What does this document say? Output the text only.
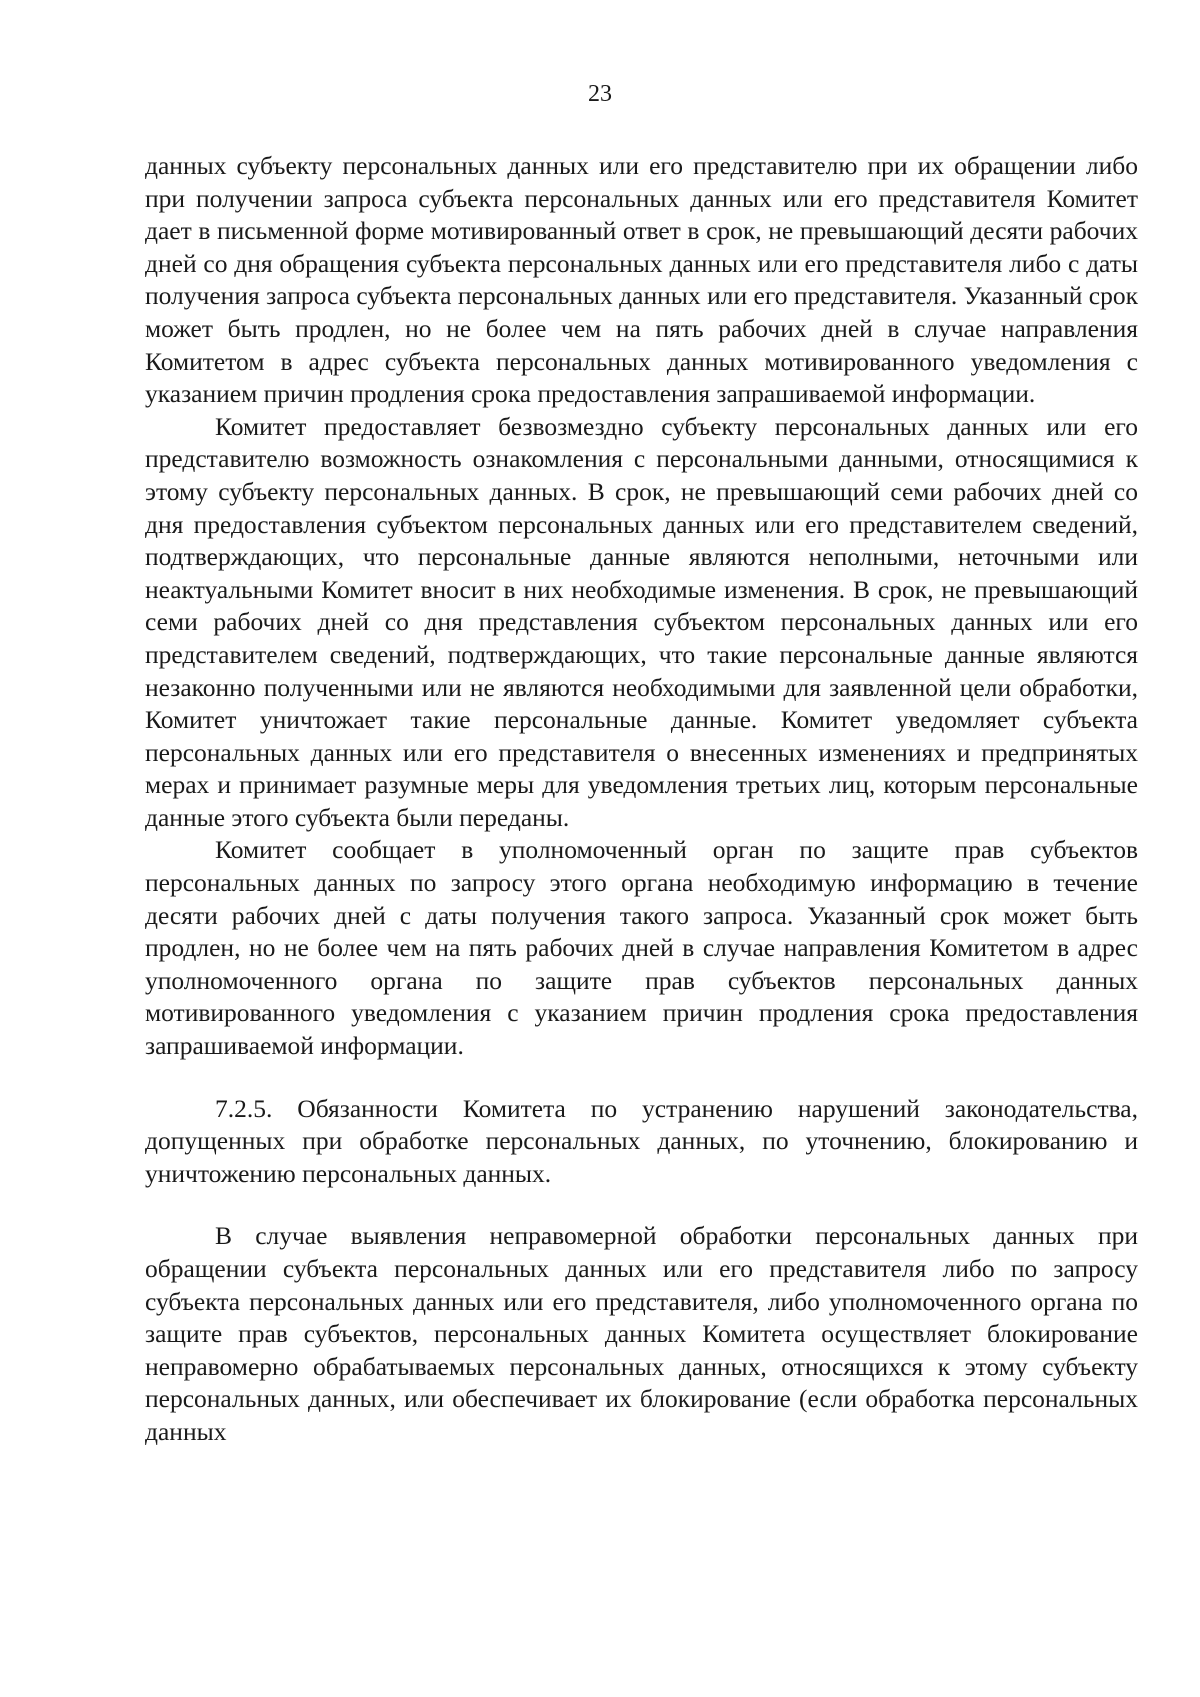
23

данных субъекту персональных данных или его представителю при их обращении либо при получении запроса субъекта персональных данных или его представителя Комитет дает в письменной форме мотивированный ответ в срок, не превышающий десяти рабочих дней со дня обращения субъекта персональных данных или его представителя либо с даты получения запроса субъекта персональных данных или его представителя. Указанный срок может быть продлен, но не более чем на пять рабочих дней в случае направления Комитетом в адрес субъекта персональных данных мотивированного уведомления с указанием причин продления срока предоставления запрашиваемой информации.

Комитет предоставляет безвозмездно субъекту персональных данных или его представителю возможность ознакомления с персональными данными, относящимися к этому субъекту персональных данных. В срок, не превышающий семи рабочих дней со дня предоставления субъектом персональных данных или его представителем сведений, подтверждающих, что персональные данные являются неполными, неточными или неактуальными Комитет вносит в них необходимые изменения. В срок, не превышающий семи рабочих дней со дня представления субъектом персональных данных или его представителем сведений, подтверждающих, что такие персональные данные являются незаконно полученными или не являются необходимыми для заявленной цели обработки, Комитет уничтожает такие персональные данные. Комитет уведомляет субъекта персональных данных или его представителя о внесенных изменениях и предпринятых мерах и принимает разумные меры для уведомления третьих лиц, которым персональные данные этого субъекта были переданы.

Комитет сообщает в уполномоченный орган по защите прав субъектов персональных данных по запросу этого органа необходимую информацию в течение десяти рабочих дней с даты получения такого запроса. Указанный срок может быть продлен, но не более чем на пять рабочих дней в случае направления Комитетом в адрес уполномоченного органа по защите прав субъектов персональных данных мотивированного уведомления с указанием причин продления срока предоставления запрашиваемой информации.

7.2.5. Обязанности Комитета по устранению нарушений законодательства, допущенных при обработке персональных данных, по уточнению, блокированию и уничтожению персональных данных.

В случае выявления неправомерной обработки персональных данных при обращении субъекта персональных данных или его представителя либо по запросу субъекта персональных данных или его представителя, либо уполномоченного органа по защите прав субъектов, персональных данных Комитета осуществляет блокирование неправомерно обрабатываемых персональных данных, относящихся к этому субъекту персональных данных, или обеспечивает их блокирование (если обработка персональных данных
